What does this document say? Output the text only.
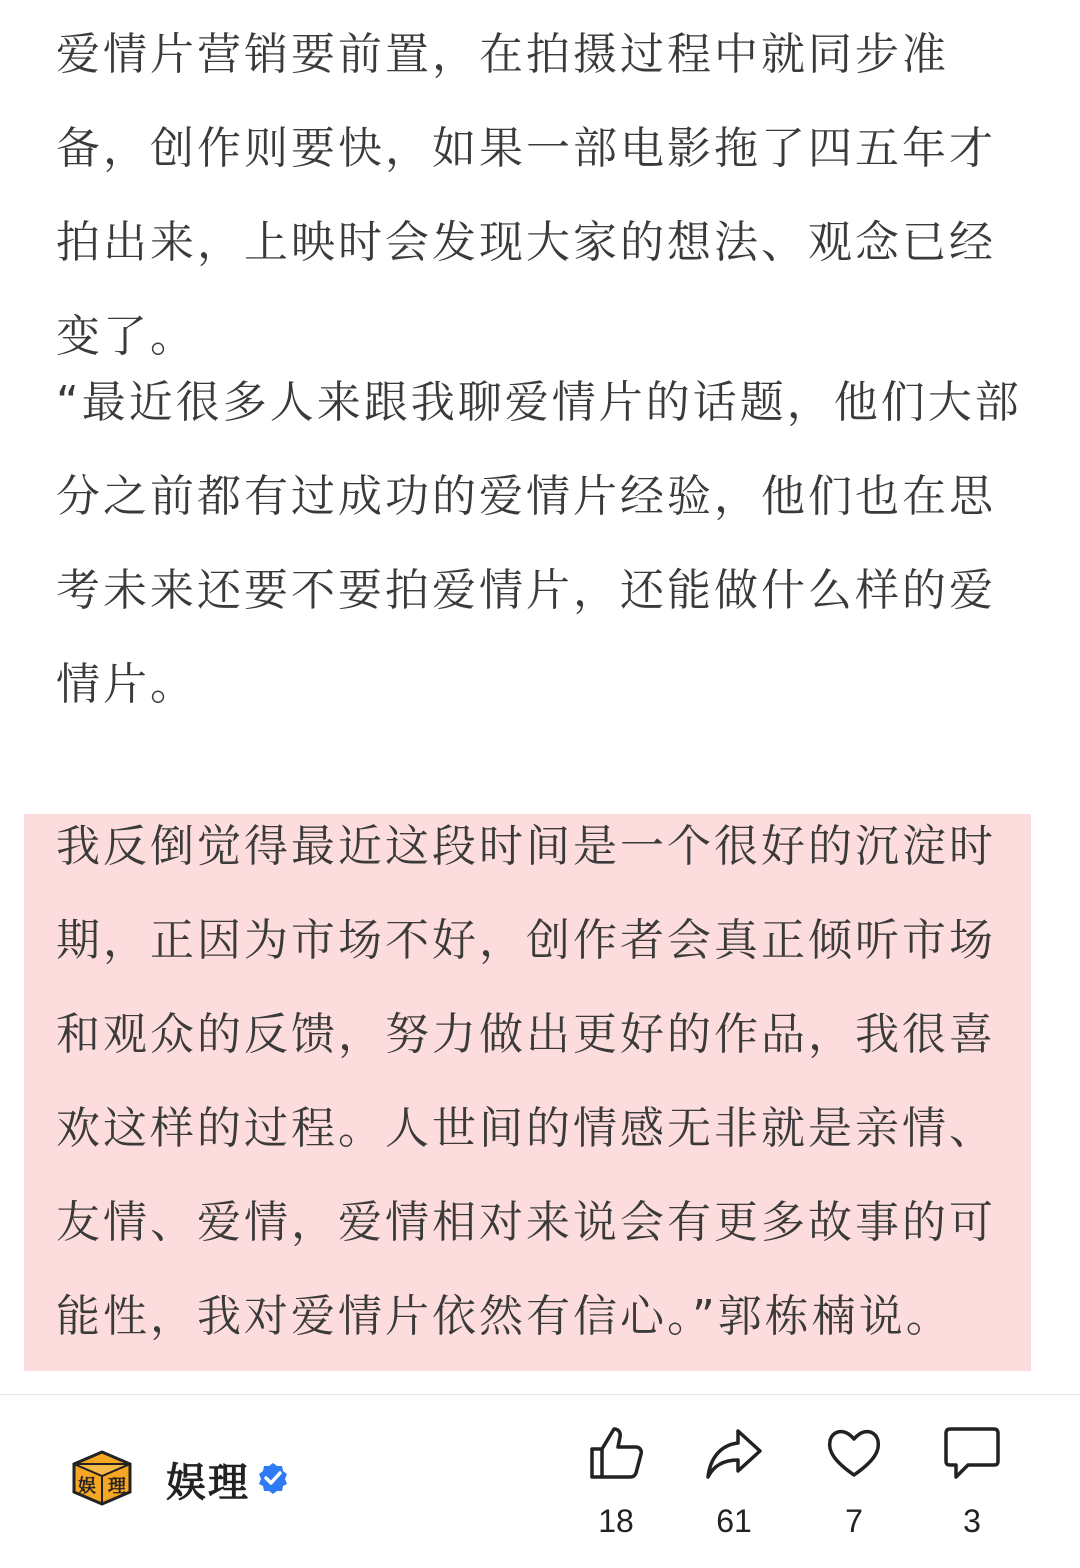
爱情片营销要前置，在拍摄过程中就同步准备，创作则要快，如果一部电影拖了四五年才拍出来，上映时会发现大家的想法、观念已经变了。

“最近很多人来跟我聊爱情片的话题，他们大部分之前都有过成功的爱情片经验，他们也在思考未来还要不要拍爱情片，还能做什么样的爱情片。

我反倒觉得最近这段时间是一个很好的沉淀时期，正因为市场不好，创作者会真正倾听市场和观众的反馈，努力做出更好的作品，我很喜欢这样的过程。人世间的情感无非就是亲情、友情、爱情，爱情相对来说会有更多故事的可能性，我对爱情片依然有信心。”郭栋楠说。

娱 理 娱理
18	61	7	3
